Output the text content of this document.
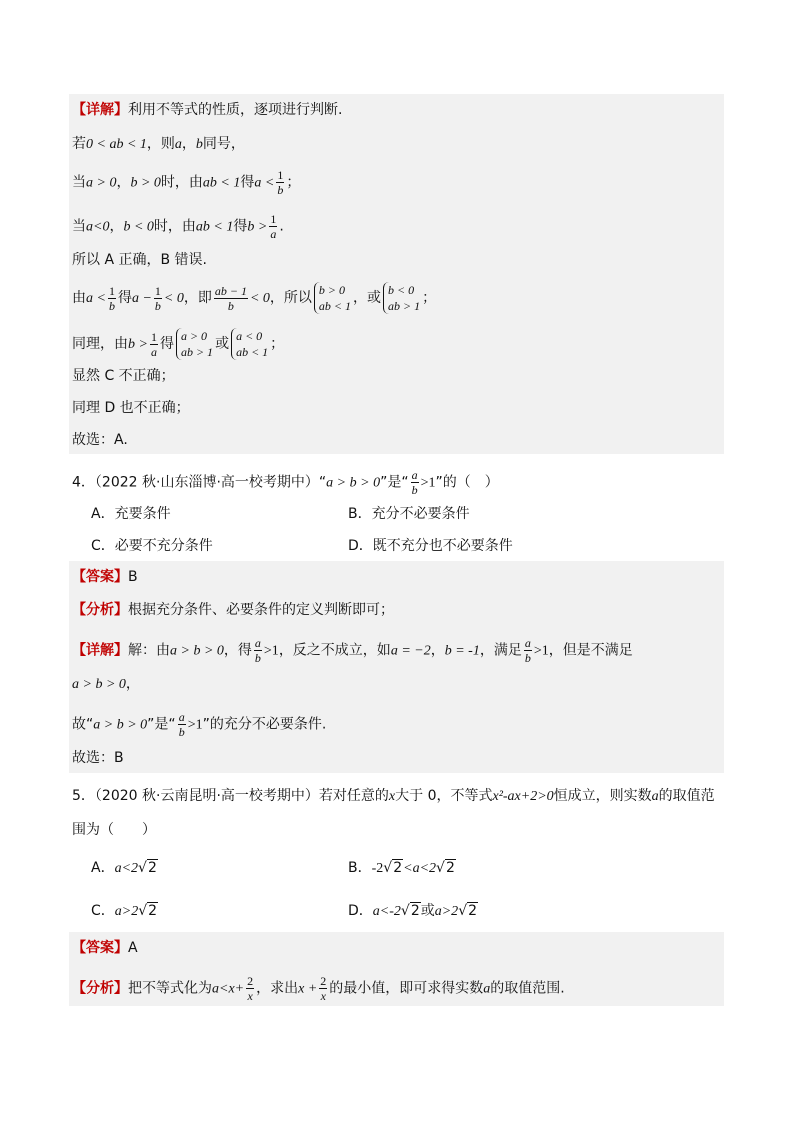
【详解】利用不等式的性质，逐项进行判断.
若0 < ab < 1，则a，b同号，
当a > 0，b > 0时，由ab < 1得$a < \frac{1}{b}$ ；
当a<0，b < 0时，由ab < 1得$b > \frac{1}{a}$ .
所以 A 正确，B 错误.
由$a < \frac{1}{b}$ 得$a - \frac{1}{b} < 0$，即 $\frac{ab - 1}{b} < 0$，所以 b > 0
ab < 1 ，或 b < 0
ab > 1 ；
同理，由$b > \frac{1}{a}$ 得 a > 0
ab > 1 或 a < 0
ab < 1 ；
显然 C 不正确；
同理 D 也不正确；
故选：A.
4．（2022 秋·山东淄博·高一校考期中）“a > b > 0”是“ $\frac{a}{b} >1$”的（　）
A．充要条件	B．充分不必要条件
C．必要不充分条件	D．既不充分也不必要条件
【答案】B
【分析】根据充分条件、必要条件的定义判断即可；
【详解】解：由a > b > 0，得 $\frac{a}{b} >1$，反之不成立，如a = −2，b = -1，满足 $\frac{a}{b} >1$，但是不满足
a > b > 0，
故“a > b > 0”是“ $\frac{a}{b} >1$”的充分不必要条件.
故选：B
5．（2020 秋·云南昆明·高一校考期中）若对任意的x大于 0，不等式x²-ax+2>0恒成立，则实数a的取值范
围为（　　）
A．a<2√2	B．-2√2<a<2√2
C．a>2√2	D．a<-2√2或a>2√2
【答案】A
【分析】把不等式化为$a<x+ \frac{2}{x}$ ，求出$x + \frac{2}{x}$ 的最小值，即可求得实数a的取值范围.
